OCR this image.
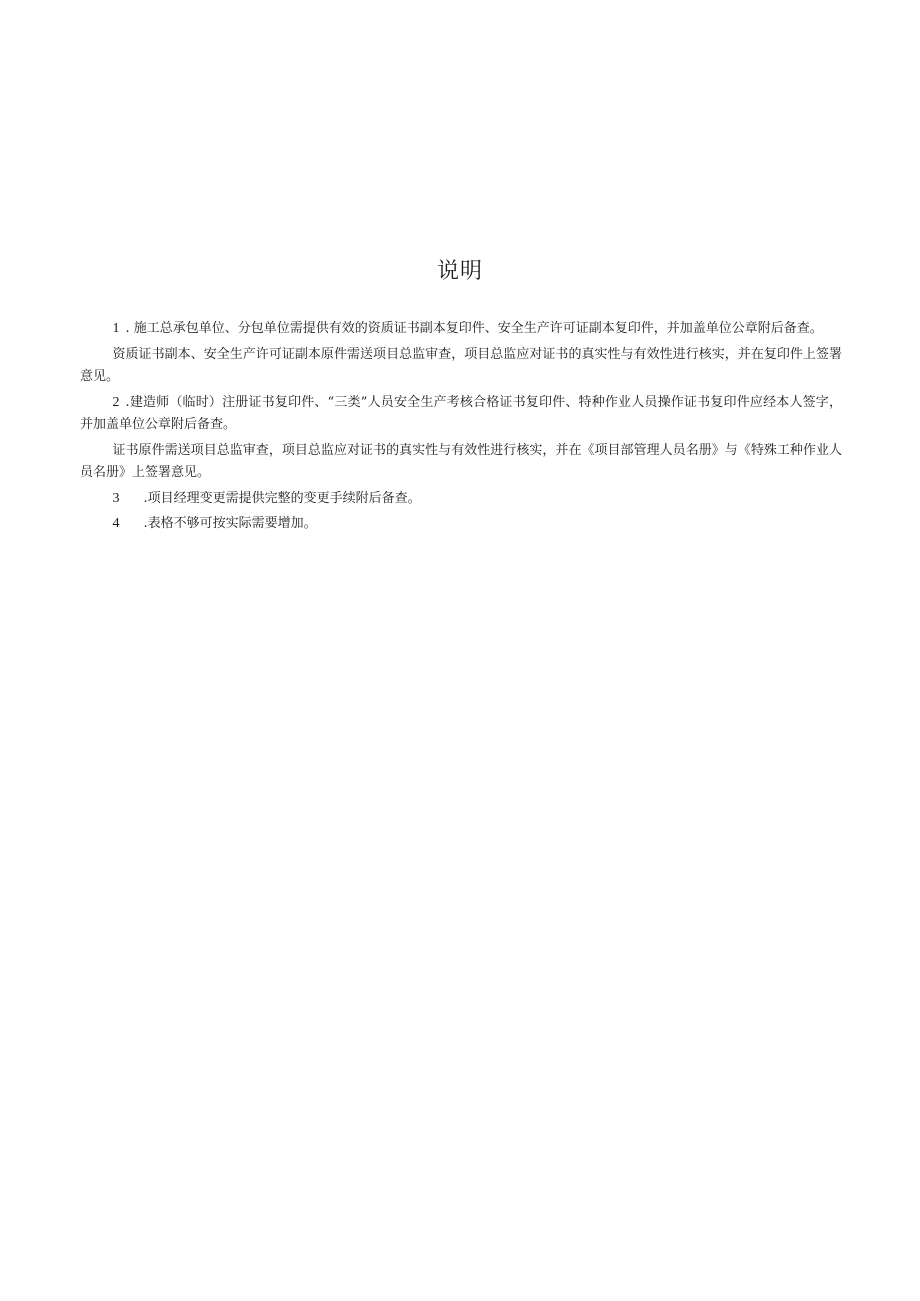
说明

1 . 施工总承包单位、分包单位需提供有效的资质证书副本复印件、安全生产许可证副本复印件，并加盖单位公章附后备查。

资质证书副本、安全生产许可证副本原件需送项目总监审查，项目总监应对证书的真实性与有效性进行核实，并在复印件上签署意见。

2 .建造师（临时）注册证书复印件、“三类”人员安全生产考核合格证书复印件、特种作业人员操作证书复印件应经本人签字，并加盖单位公章附后备查。

证书原件需送项目总监审查，项目总监应对证书的真实性与有效性进行核实，并在《项目部管理人员名册》与《特殊工种作业人员名册》上签署意见。

3 .项目经理变更需提供完整的变更手续附后备查。

4 .表格不够可按实际需要增加。
